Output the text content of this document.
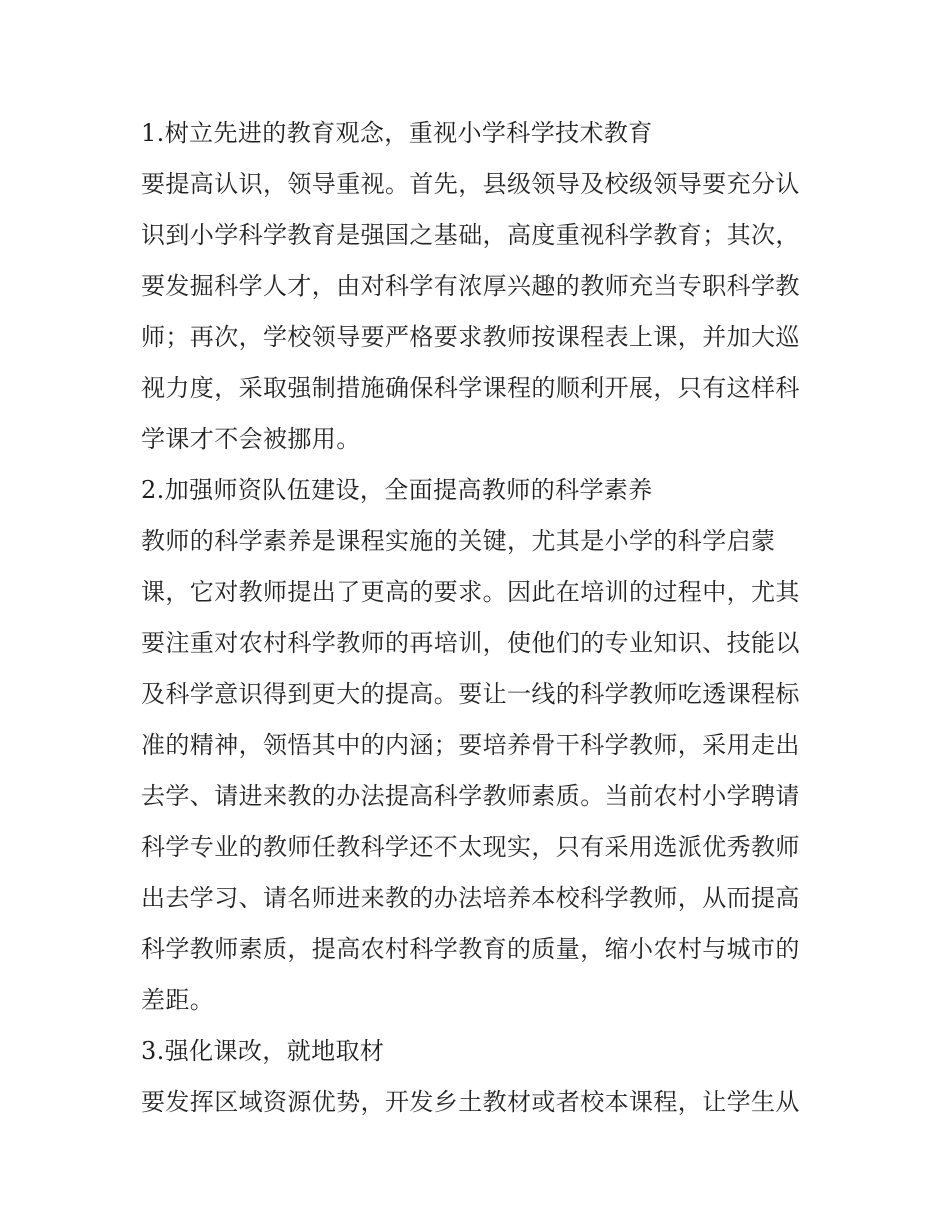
1.树立先进的教育观念，重视小学科学技术教育
要提高认识，领导重视。首先，县级领导及校级领导要充分认
识到小学科学教育是强国之基础，高度重视科学教育；其次，
要发掘科学人才，由对科学有浓厚兴趣的教师充当专职科学教
师；再次，学校领导要严格要求教师按课程表上课，并加大巡
视力度，采取强制措施确保科学课程的顺利开展，只有这样科
学课才不会被挪用。
2.加强师资队伍建设，全面提高教师的科学素养
教师的科学素养是课程实施的关键，尤其是小学的科学启蒙
课，它对教师提出了更高的要求。因此在培训的过程中，尤其
要注重对农村科学教师的再培训，使他们的专业知识、技能以
及科学意识得到更大的提高。要让一线的科学教师吃透课程标
准的精神，领悟其中的内涵；要培养骨干科学教师，采用走出
去学、请进来教的办法提高科学教师素质。当前农村小学聘请
科学专业的教师任教科学还不太现实，只有采用选派优秀教师
出去学习、请名师进来教的办法培养本校科学教师，从而提高
科学教师素质，提高农村科学教育的质量，缩小农村与城市的
差距。
3.强化课改，就地取材
要发挥区域资源优势，开发乡土教材或者校本课程，让学生从
